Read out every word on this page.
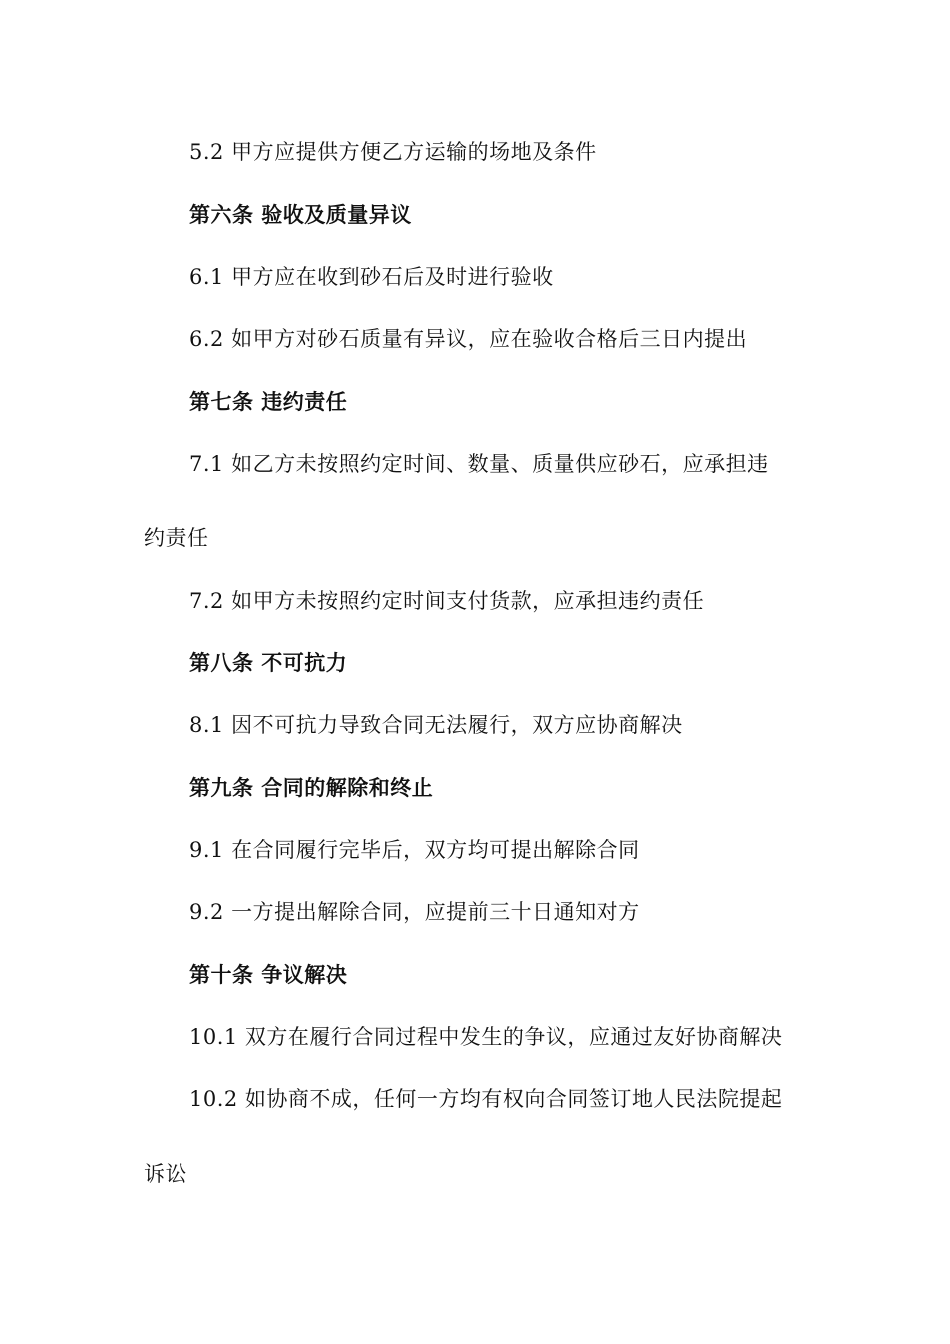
5.2 甲方应提供方便乙方运输的场地及条件
第六条 验收及质量异议
6.1 甲方应在收到砂石后及时进行验收
6.2 如甲方对砂石质量有异议，应在验收合格后三日内提出
第七条 违约责任
7.1 如乙方未按照约定时间、数量、质量供应砂石，应承担违
约责任
7.2 如甲方未按照约定时间支付货款，应承担违约责任
第八条 不可抗力
8.1 因不可抗力导致合同无法履行，双方应协商解决
第九条 合同的解除和终止
9.1 在合同履行完毕后，双方均可提出解除合同
9.2 一方提出解除合同，应提前三十日通知对方
第十条 争议解决
10.1 双方在履行合同过程中发生的争议，应通过友好协商解决
10.2 如协商不成，任何一方均有权向合同签订地人民法院提起
诉讼
